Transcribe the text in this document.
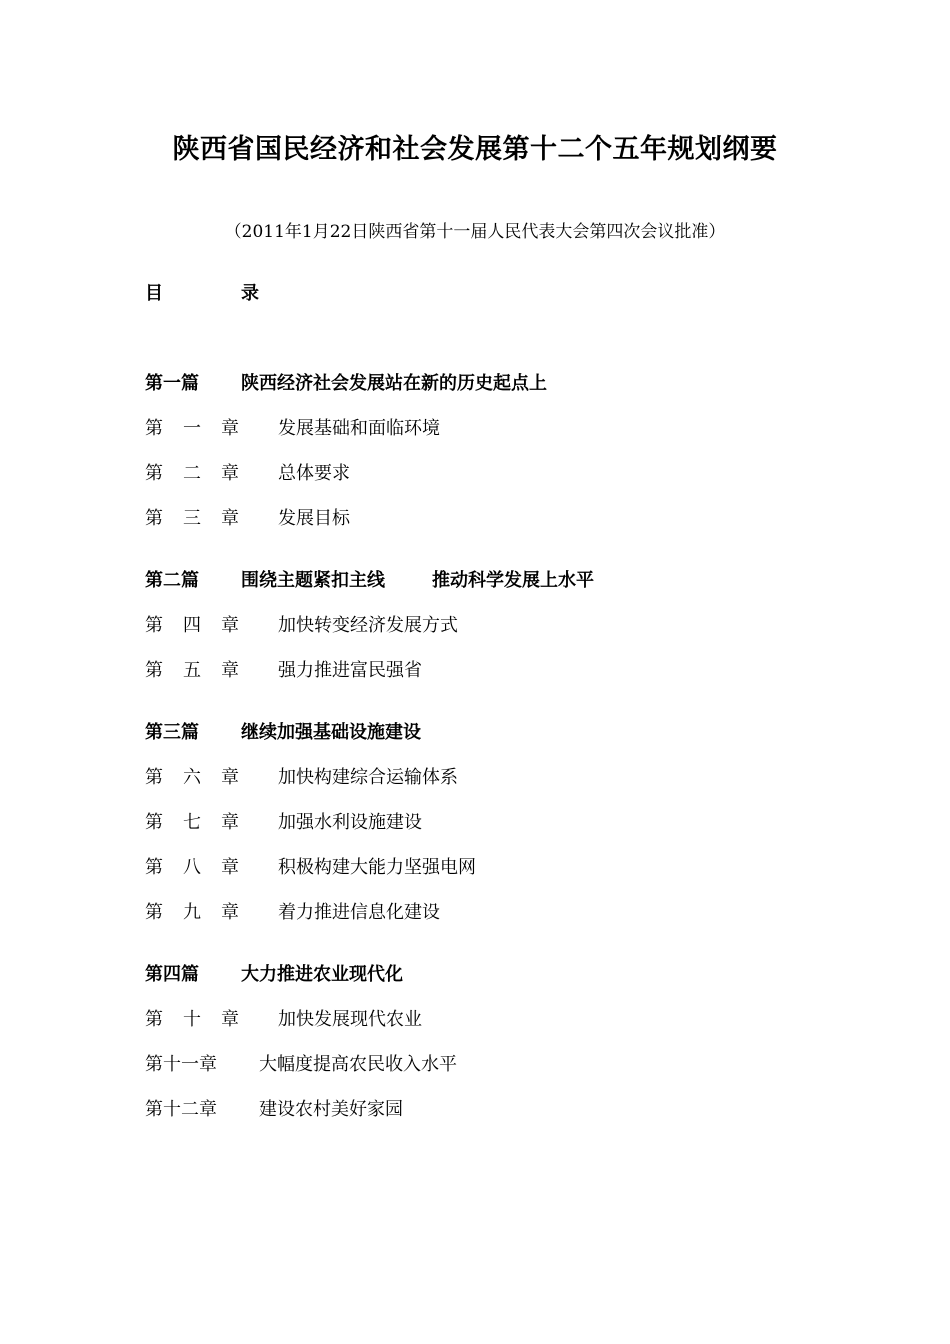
陕西省国民经济和社会发展第十二个五年规划纲要
（2011年1月22日陕西省第十一届人民代表大会第四次会议批准）
目	录
第一篇 陕西经济社会发展站在新的历史起点上
第 一 章 发展基础和面临环境
第 二 章 总体要求
第 三 章 发展目标
第二篇 围绕主题紧扣主线	推动科学发展上水平
第 四 章 加快转变经济发展方式
第 五 章 强力推进富民强省
第三篇 继续加强基础设施建设
第 六 章 加快构建综合运输体系
第 七 章 加强水利设施建设
第 八 章 积极构建大能力坚强电网
第 九 章 着力推进信息化建设
第四篇 大力推进农业现代化
第 十 章 加快发展现代农业
第十一章 大幅度提高农民收入水平
第十二章 建设农村美好家园
